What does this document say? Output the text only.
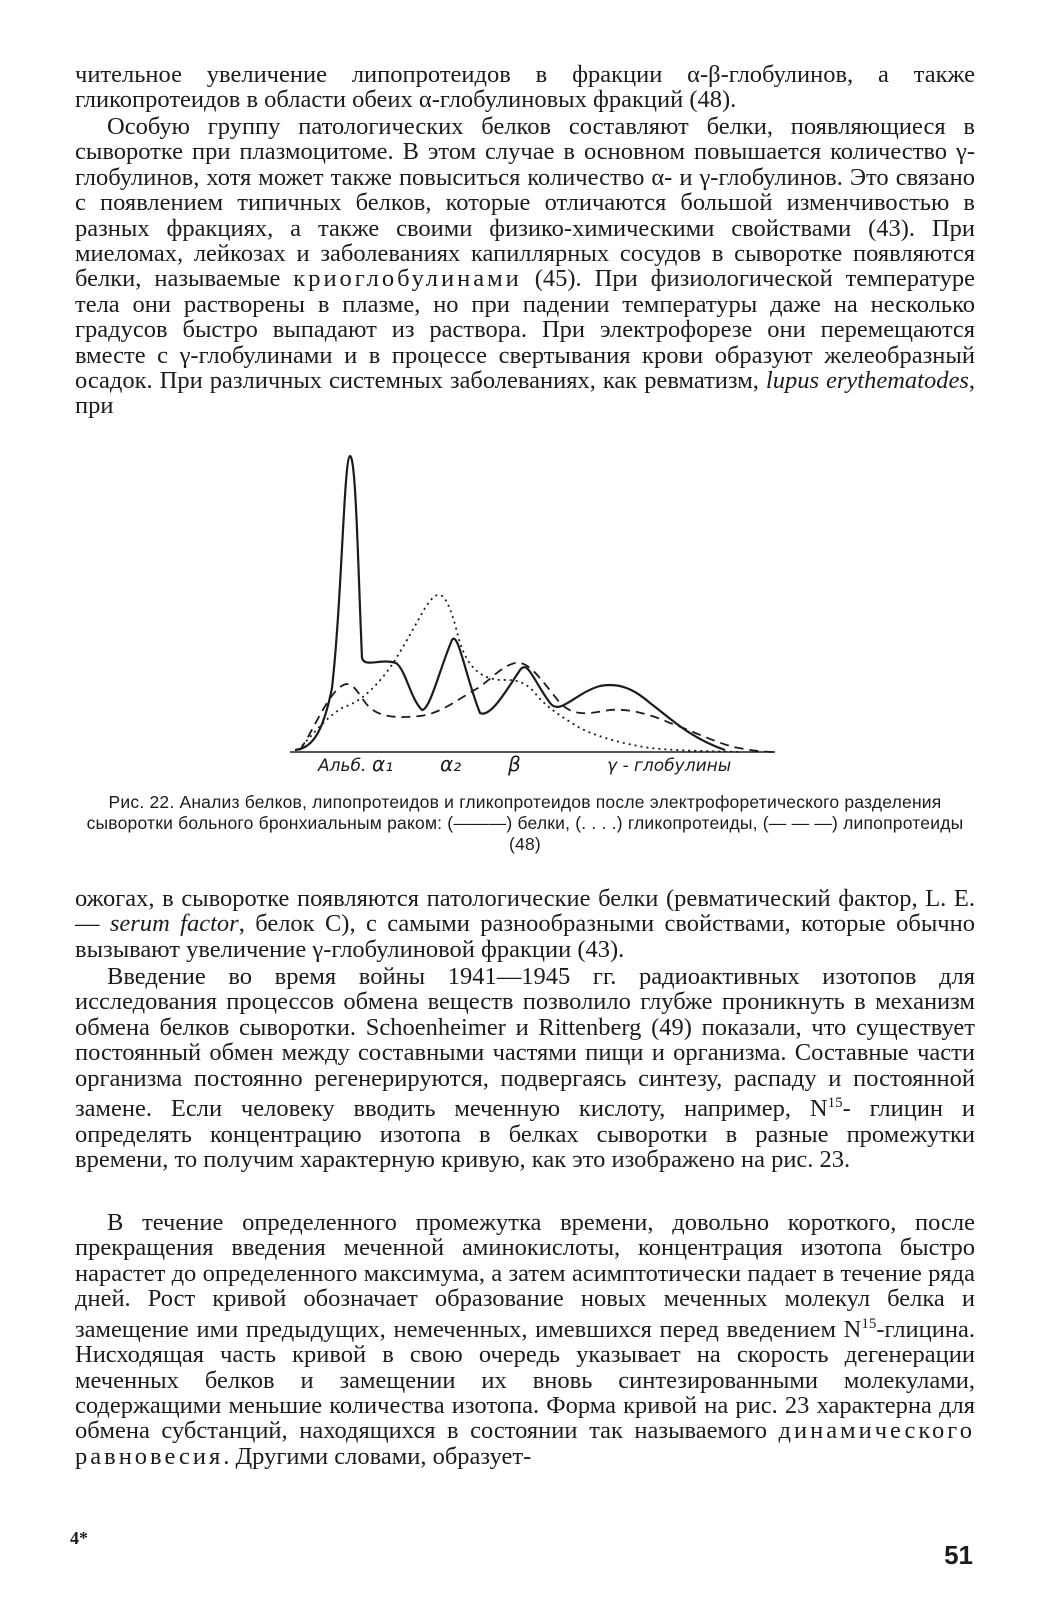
чительное увеличение липопротеидов в фракции α-β-глобулинов, а также гликопротеидов в области обеих α-глобулиновых фракций (48).

Особую группу патологических белков составляют белки, появляющиеся в сыворотке при плазмоцитоме. В этом случае в основном повышается количество γ-глобулинов, хотя может также повыситься количество α- и γ-глобулинов. Это связано с появлением типичных белков, которые отличаются большой изменчивостью в разных фракциях, а также своими физико-химическими свойствами (43). При миеломах, лейкозах и заболеваниях капиллярных сосудов в сыворотке появляются белки, называемые криоглобулинами (45). При физиологической температуре тела они растворены в плазме, но при падении температуры даже на несколько градусов быстро выпадают из раствора. При электрофорезе они перемещаются вместе с γ-глобулинами и в процессе свертывания крови образуют желеобразный осадок. При различных системных заболеваниях, как ревматизм, lupus erythematodes, при

Альб. α₁ α₂ β	γ - глобулины

Рис. 22. Анализ белков, липопротеидов и гликопротеидов после электрофоретического разделения сыворотки больного бронхиальным раком: (———) белки, (. . . .) гликопротеиды, (— — —) липопротеиды (48)

ожогах, в сыворотке появляются патологические белки (ревматический фактор, L. E. — serum factor, белок C), с самыми разнообразными свойствами, которые обычно вызывают увеличение γ-глобулиновой фракции (43).

Введение во время войны 1941—1945 гг. радиоактивных изотопов для исследования процессов обмена веществ позволило глубже проникнуть в механизм обмена белков сыворотки. Schoenheimer и Rittenberg (49) показали, что существует постоянный обмен между составными частями пищи и организма. Составные части организма постоянно регенерируются, подвергаясь синтезу, распаду и постоянной замене. Если человеку вводить меченную кислоту, например, $N^{15}-$ глицин и определять концентрацию изотопа в белках сыворотки в разные промежутки времени, то получим характерную кривую, как это изображено на рис. 23.

В течение определенного промежутка времени, довольно короткого, после прекращения введения меченной аминокислоты, концентрация изотопа быстро нарастет до определенного максимума, а затем асимптотически падает в течение ряда дней. Рост кривой обозначает образование новых меченных молекул белка и замещение ими предыдущих, немеченных, имевшихся перед введением $N^{15}$-глицина. Нисходящая часть кривой в свою очередь указывает на скорость дегенерации меченных белков и замещении их вновь синтезированными молекулами, содержащими меньшие количества изотопа. Форма кривой на рис. 23 характерна для обмена субстанций, находящихся в состоянии так называемого динамического равновесия. Другими словами, образует-

4*
51
